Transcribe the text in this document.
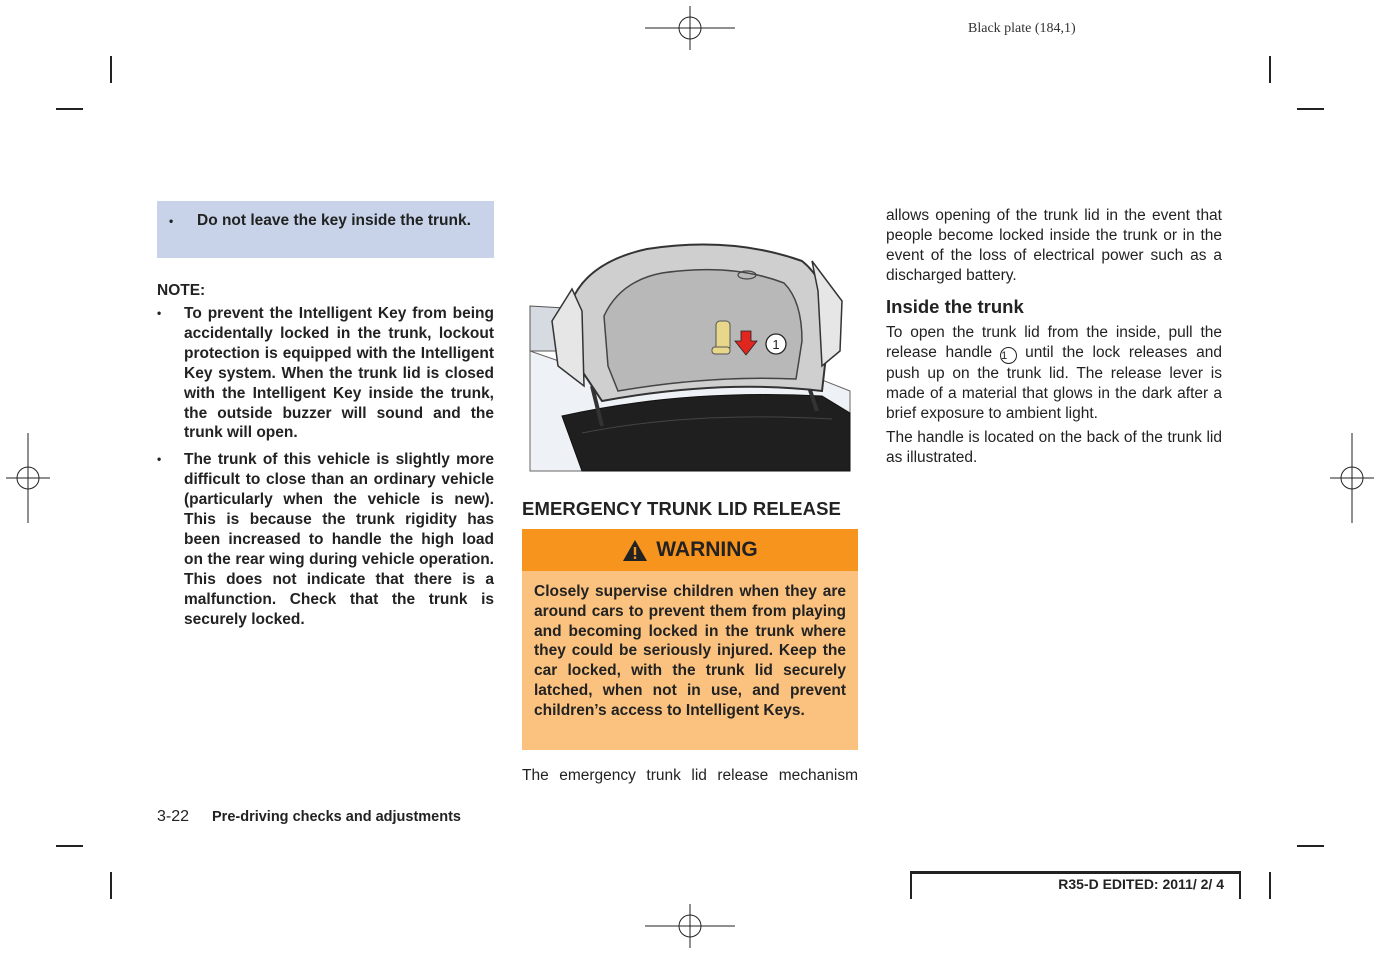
Black plate (184,1)
•	Do not leave the key inside the trunk.
NOTE:
•	To prevent the Intelligent Key from being accidentally locked in the trunk, lockout protection is equipped with the Intelligent Key system. When the trunk lid is closed with the Intelligent Key inside the trunk, the outside buzzer will sound and the trunk will open.
•	The trunk of this vehicle is slightly more difficult to close than an ordinary vehicle (particularly when the vehicle is new). This is because the trunk rigidity has been increased to handle the high load on the rear wing during vehicle operation. This does not indicate that there is a malfunction. Check that the trunk is securely locked.
3-22 Pre-driving checks and adjustments
1
EMERGENCY TRUNK LID RELEASE
WARNING
Closely supervise children when they are around cars to prevent them from playing and becoming locked in the trunk where they could be seriously injured. Keep the car locked, with the trunk lid securely latched, when not in use, and prevent children’s access to Intelligent Keys.
The emergency trunk lid release mechanism
allows opening of the trunk lid in the event that people become locked inside the trunk or in the event of the loss of electrical power such as a discharged battery.
Inside the trunk
To open the trunk lid from the inside, pull the release handle 1 until the lock releases and push up on the trunk lid. The release lever is made of a material that glows in the dark after a brief exposure to ambient light.
The handle is located on the back of the trunk lid as illustrated.
R35-D EDITED: 2011/ 2/ 4
